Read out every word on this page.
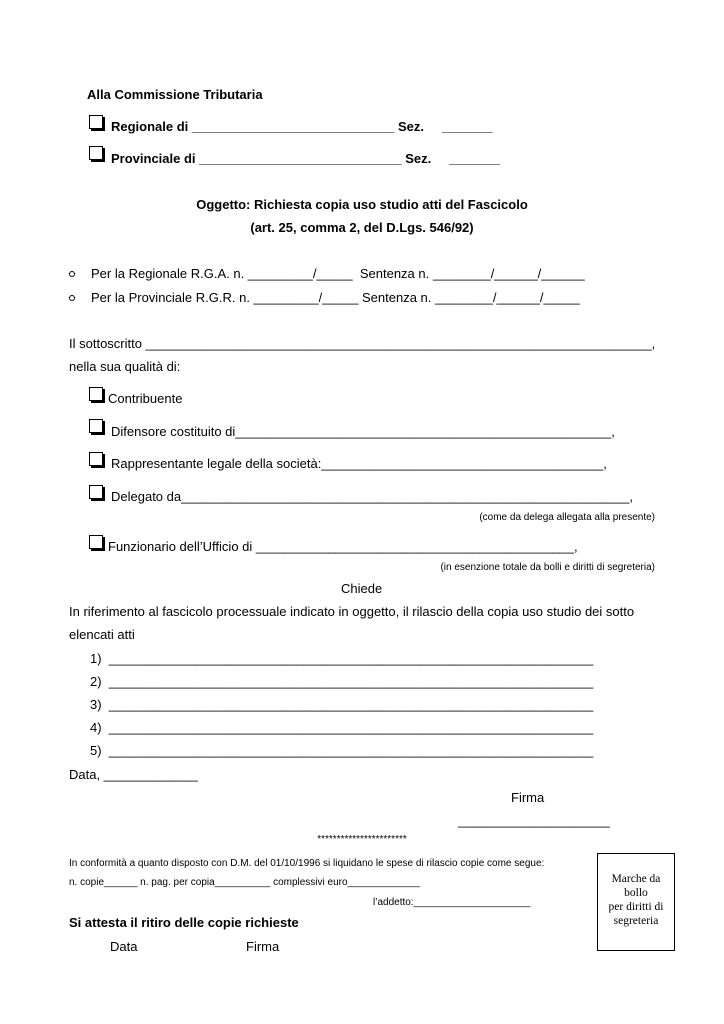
Alla Commissione Tributaria
Regionale di ____________________________ Sez.     _______
Provinciale di ____________________________ Sez.     _______
Oggetto: Richiesta copia uso studio atti del Fascicolo
(art. 25, comma 2, del D.Lgs. 546/92)
Per la Regionale R.G.A. n. _________/_____  Sentenza n. ________/______/______
Per la Provinciale R.G.R. n. _________/_____ Sentenza n. ________/______/_____
Il sottoscritto ______________________________________________________________________,
nella sua qualità di:
Contribuente
Difensore costituito di____________________________________________________,
Rappresentante legale della società:_______________________________________,
Delegato da______________________________________________________________,
(come da delega allegata alla presente)
Funzionario dell’Ufficio di ____________________________________________,
(in esenzione totale da bolli e diritti di segreteria)
Chiede
In riferimento al fascicolo processuale indicato in oggetto, il rilascio della copia uso studio dei sotto
elencati atti
1)  ___________________________________________________________________
2)  ___________________________________________________________________
3)  ___________________________________________________________________
4)  ___________________________________________________________________
5)  ___________________________________________________________________
Data, _____________
Firma
_____________________
***********************
In conformità a quanto disposto con D.M. del 01/10/1996 si liquidano le spese di rilascio copie come segue:
n. copie______ n. pag. per copia__________ complessivi euro_____________
l’addetto:_____________________
Si attesta il ritiro delle copie richieste
Data	Firma
Marche da
bollo
per diritti di
segreteria
